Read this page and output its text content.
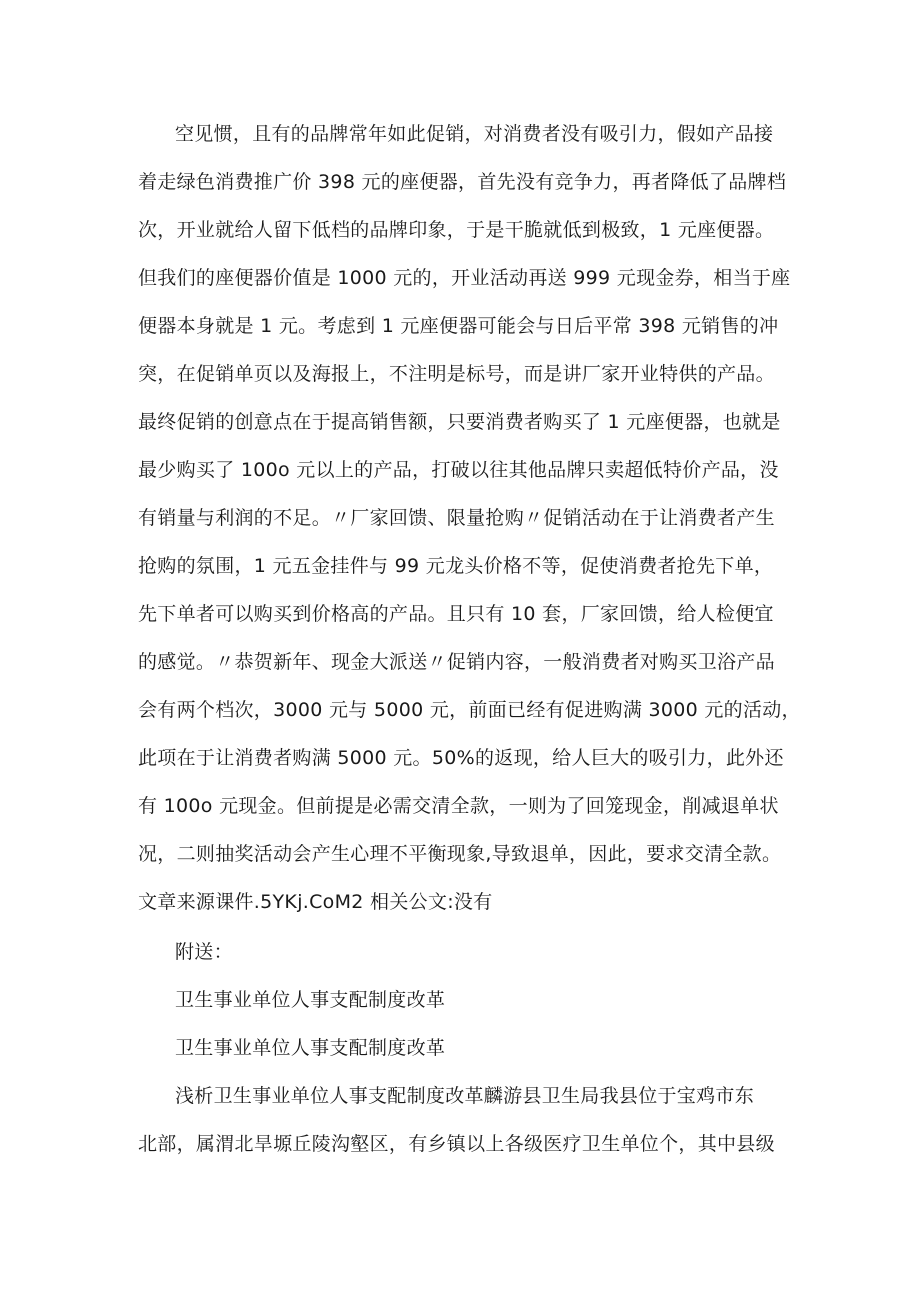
空见惯，且有的品牌常年如此促销，对消费者没有吸引力，假如产品接
着走绿色消费推广价 398 元的座便器，首先没有竞争力，再者降低了品牌档
次，开业就给人留下低档的品牌印象，于是干脆就低到极致，1 元座便器。
但我们的座便器价值是 1000 元的，开业活动再送 999 元现金券，相当于座
便器本身就是 1 元。考虑到 1 元座便器可能会与日后平常 398 元销售的冲
突，在促销单页以及海报上，不注明是标号，而是讲厂家开业特供的产品。
最终促销的创意点在于提高销售额，只要消费者购买了 1 元座便器，也就是
最少购买了 100o 元以上的产品，打破以往其他品牌只卖超低特价产品，没
有销量与利润的不足。〃厂家回馈、限量抢购〃促销活动在于让消费者产生
抢购的氛围，1 元五金挂件与 99 元龙头价格不等，促使消费者抢先下单，
先下单者可以购买到价格高的产品。且只有 10 套，厂家回馈，给人检便宜
的感觉。〃恭贺新年、现金大派送〃促销内容，一般消费者对购买卫浴产品
会有两个档次，3000 元与 5000 元，前面已经有促进购满 3000 元的活动，
此项在于让消费者购满 5000 元。50%的返现，给人巨大的吸引力，此外还
有 100o 元现金。但前提是必需交清全款，一则为了回笼现金，削减退单状
况，二则抽奖活动会产生心理不平衡现象,导致退单，因此，要求交清全款。
文章来源课件.5YKj.CoM2 相关公文:没有
附送：
卫生事业单位人事支配制度改革
卫生事业单位人事支配制度改革
浅析卫生事业单位人事支配制度改革麟游县卫生局我县位于宝鸡市东
北部，属渭北旱塬丘陵沟壑区，有乡镇以上各级医疗卫生单位个，其中县级
